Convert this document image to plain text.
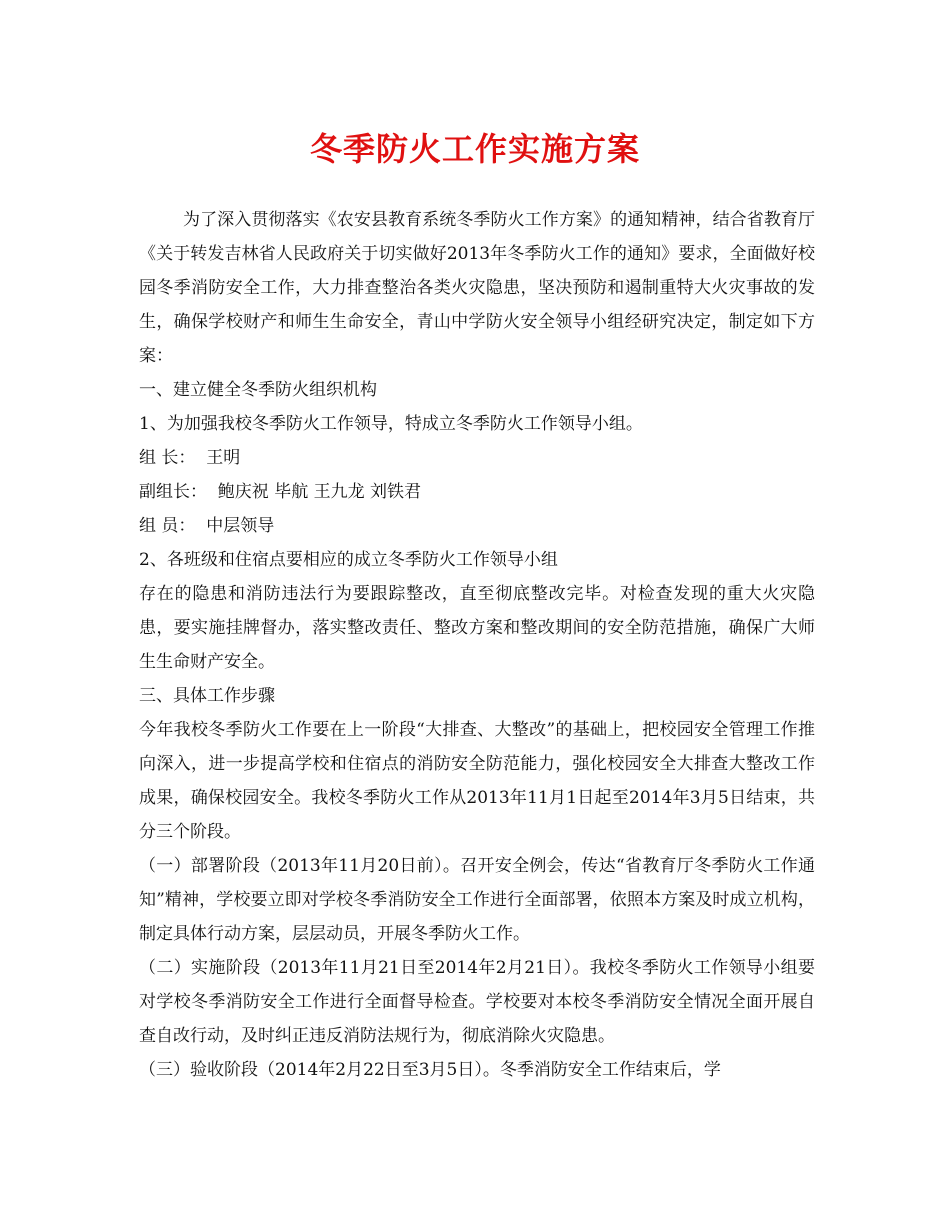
冬季防火工作实施方案

为了深入贯彻落实《农安县教育系统冬季防火工作方案》的通知精神，结合省教育厅《关于转发吉林省人民政府关于切实做好2013年冬季防火工作的通知》要求，全面做好校园冬季消防安全工作，大力排查整治各类火灾隐患，坚决预防和遏制重特大火灾事故的发生，确保学校财产和师生生命安全，青山中学防火安全领导小组经研究决定，制定如下方案：

一、建立健全冬季防火组织机构

1、为加强我校冬季防火工作领导，特成立冬季防火工作领导小组。

组 长：  王明

副组长：  鲍庆祝 毕航 王九龙 刘铁君

组 员：  中层领导

2、各班级和住宿点要相应的成立冬季防火工作领导小组

存在的隐患和消防违法行为要跟踪整改，直至彻底整改完毕。对检查发现的重大火灾隐患，要实施挂牌督办，落实整改责任、整改方案和整改期间的安全防范措施，确保广大师生生命财产安全。

三、具体工作步骤

今年我校冬季防火工作要在上一阶段“大排查、大整改”的基础上，把校园安全管理工作推向深入，进一步提高学校和住宿点的消防安全防范能力，强化校园安全大排查大整改工作成果，确保校园安全。我校冬季防火工作从2013年11月1日起至2014年3月5日结束，共分三个阶段。

（一）部署阶段（2013年11月20日前）。召开安全例会，传达“省教育厅冬季防火工作通知”精神，学校要立即对学校冬季消防安全工作进行全面部署，依照本方案及时成立机构，制定具体行动方案，层层动员，开展冬季防火工作。

（二）实施阶段（2013年11月21日至2014年2月21日）。我校冬季防火工作领导小组要对学校冬季消防安全工作进行全面督导检查。学校要对本校冬季消防安全情况全面开展自查自改行动，及时纠正违反消防法规行为，彻底消除火灾隐患。

（三）验收阶段（2014年2月22日至3月5日）。冬季消防安全工作结束后，学
